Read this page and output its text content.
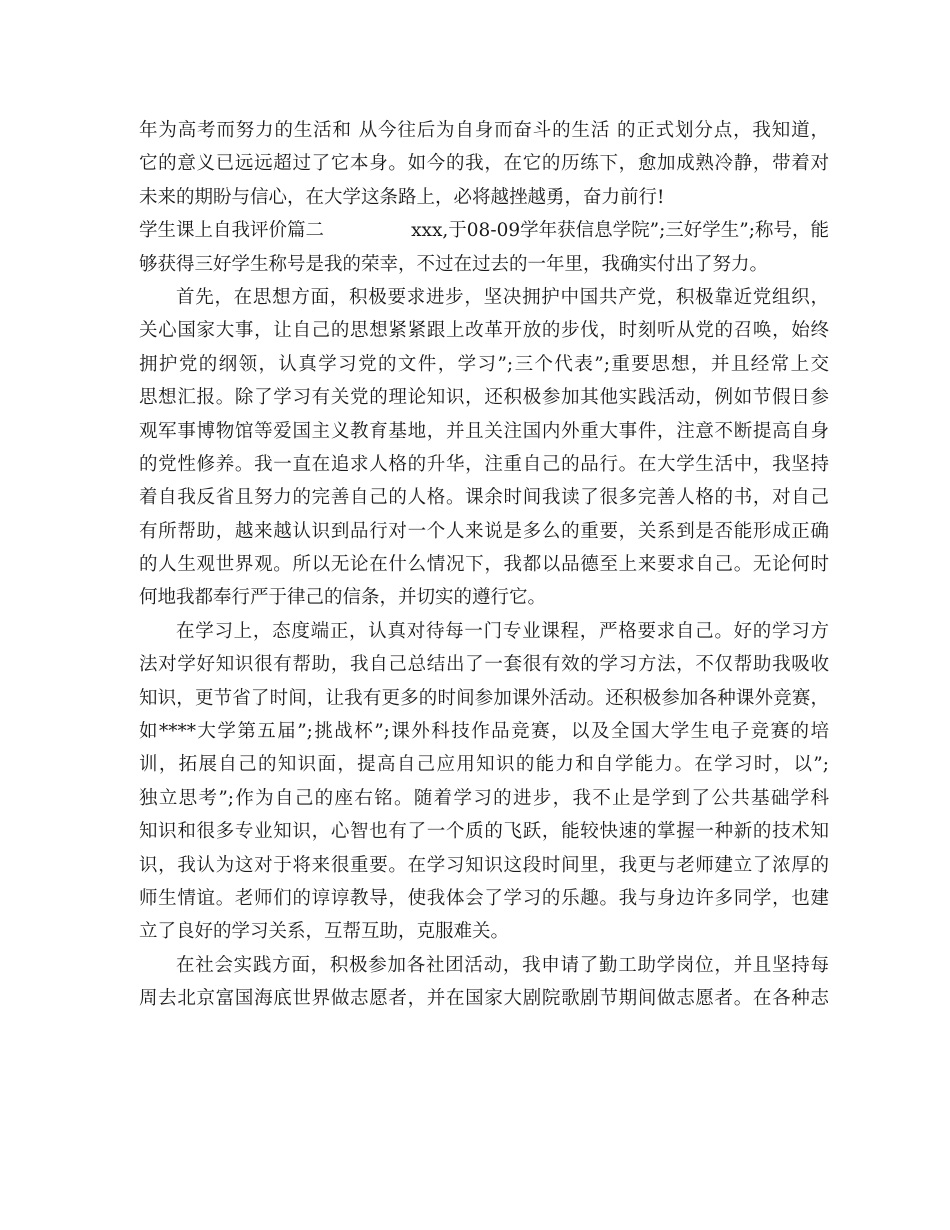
年为高考而努力的生活和 从今往后为自身而奋斗的生活 的正式划分点，我知道，
它的意义已远远超过了它本身。如今的我，在它的历练下，愈加成熟冷静，带着对
未来的期盼与信心，在大学这条路上，必将越挫越勇，奋力前行!
学生课上自我评价篇二	xxx,于08-09学年获信息学院”;三好学生”;称号，能
够获得三好学生称号是我的荣幸，不过在过去的一年里，我确实付出了努力。
首先，在思想方面，积极要求进步，坚决拥护中国共产党，积极靠近党组织，
关心国家大事，让自己的思想紧紧跟上改革开放的步伐，时刻听从党的召唤，始终
拥护党的纲领，认真学习党的文件，学习”;三个代表”;重要思想，并且经常上交
思想汇报。除了学习有关党的理论知识，还积极参加其他实践活动，例如节假日参
观军事博物馆等爱国主义教育基地，并且关注国内外重大事件，注意不断提高自身
的党性修养。我一直在追求人格的升华，注重自己的品行。在大学生活中，我坚持
着自我反省且努力的完善自己的人格。课余时间我读了很多完善人格的书，对自己
有所帮助，越来越认识到品行对一个人来说是多么的重要，关系到是否能形成正确
的人生观世界观。所以无论在什么情况下，我都以品德至上来要求自己。无论何时
何地我都奉行严于律己的信条，并切实的遵行它。
在学习上，态度端正，认真对待每一门专业课程，严格要求自己。好的学习方
法对学好知识很有帮助，我自己总结出了一套很有效的学习方法，不仅帮助我吸收
知识，更节省了时间，让我有更多的时间参加课外活动。还积极参加各种课外竞赛，
如****大学第五届”;挑战杯”;课外科技作品竞赛，以及全国大学生电子竞赛的培
训，拓展自己的知识面，提高自己应用知识的能力和自学能力。在学习时，以”;
独立思考”;作为自己的座右铭。随着学习的进步，我不止是学到了公共基础学科
知识和很多专业知识，心智也有了一个质的飞跃，能较快速的掌握一种新的技术知
识，我认为这对于将来很重要。在学习知识这段时间里，我更与老师建立了浓厚的
师生情谊。老师们的谆谆教导，使我体会了学习的乐趣。我与身边许多同学，也建
立了良好的学习关系，互帮互助，克服难关。
在社会实践方面，积极参加各社团活动，我申请了勤工助学岗位，并且坚持每
周去北京富国海底世界做志愿者，并在国家大剧院歌剧节期间做志愿者。在各种志
